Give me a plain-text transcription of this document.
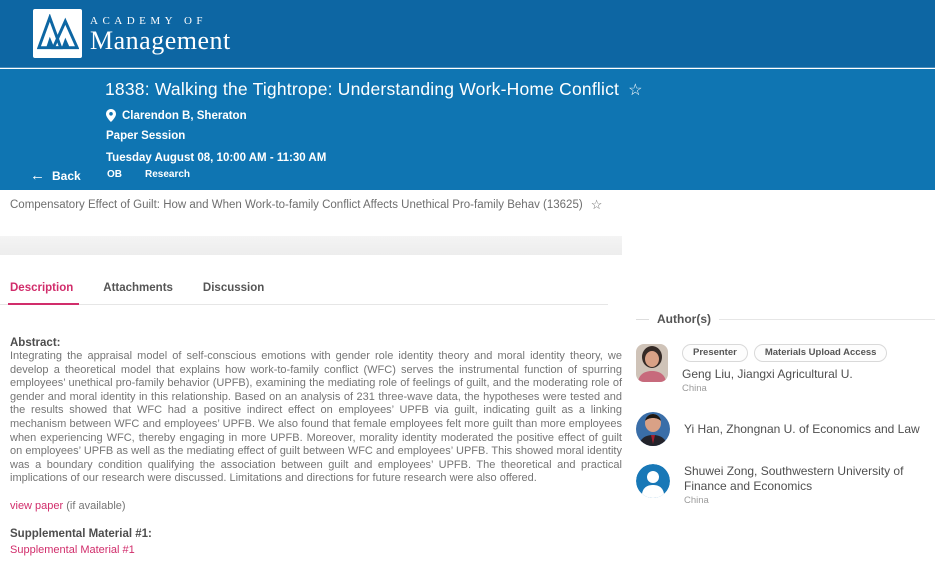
ACADEMY OF
Management
1838: Walking the Tightrope: Understanding Work-Home Conflict ☆
Clarendon B, Sheraton
Paper Session
Tuesday August 08, 10:00 AM - 11:30 AM
← Back	OB Research
Compensatory Effect of Guilt: How and When Work-to-family Conflict Affects Unethical Pro-family Behav (13625) ☆
Description	Attachments	Discussion
Abstract:

Integrating the appraisal model of self-conscious emotions with gender role identity theory and moral identity theory, we develop a theoretical model that explains how work-to-family conflict (WFC) serves the instrumental function of spurring employees’ unethical pro-family behavior (UPFB), examining the mediating role of feelings of guilt, and the moderating role of gender and moral identity in this relationship. Based on an analysis of 231 three-wave data, the hypotheses were tested and the results showed that WFC had a positive indirect effect on employees’ UPFB via guilt, indicating guilt as a linking mechanism between WFC and employees’ UPFB. We also found that female employees felt more guilt than more employees when experiencing WFC, thereby engaging in more UPFB. Moreover, morality identity moderated the positive effect of guilt on employees’ UPFB as well as the mediating effect of guilt between WFC and employees’ UPFB. This showed moral identity was a boundary condition qualifying the association between guilt and employees’ UPFB. The theoretical and practical implications of our research were discussed. Limitations and directions for future research were also offered.

view paper (if available)

Supplemental Material #1:
Supplemental Material #1
Author(s)
Presenter	Materials Upload Access
Geng Liu, Jiangxi Agricultural U.
China
Yi Han, Zhongnan U. of Economics and Law
Shuwei Zong, Southwestern University of Finance and Economics
China
